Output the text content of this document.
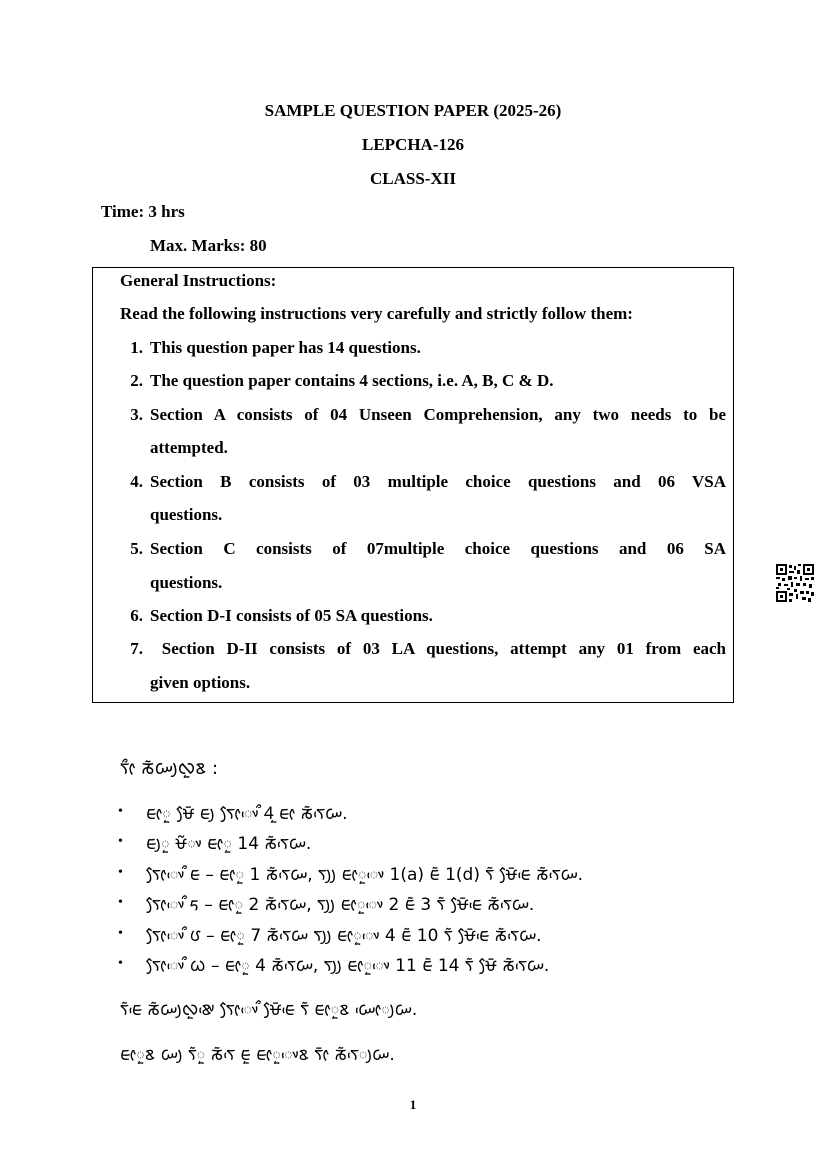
SAMPLE QUESTION PAPER (2025-26)
LEPCHA-126
CLASS-XII
Time: 3 hrs
Max. Marks: 80
General Instructions:
Read the following instructions very carefully and strictly follow them:
1. This question paper has 14 questions.
2. The question paper contains 4 sections, i.e. A, B, C & D.
3. Section A consists of 04 Unseen Comprehension, any two needs to be
attempted.
4. Section B consists of 03 multiple choice questions and 06 VSA
questions.
5. Section C consists of 07multiple choice questions and 06 SA
questions.
6. Section D-I consists of 05 SA questions.
7. Section D-II consists of 03 LA questions, attempt any 01 from each
given options.
ᰛᰦᰰ ᰕᰶᰠᰪᰜᰬᰣ :
• ᰀᰦᰬ ᰝᰧᰳ ᰀᰪ ᰛᰧᰦᰤᰵᰰ 4ᰬ ᰀᰦ ᰕᰶᰛᰵᰠ.
• ᰀᰪᰬ ᰝᰲᰤ ᰀᰦᰬ 14 ᰕᰶᰛᰵᰠ.
• ᰛᰧᰦᰤᰵᰰ ᰀ – ᰀᰦᰬ 1 ᰕᰶᰛᰵᰠ, ᰛᰪᰪ ᰀᰦᰬᰤᰵ 1(a) ᰀᰶ 1(d) ᰛᰶ ᰝᰧᰳᰀᰵ ᰕᰶᰛᰵᰠ.
• ᰛᰧᰦᰤᰵᰰ ᰁ – ᰀᰦᰬ 2 ᰕᰶᰛᰵᰠ, ᰛᰪᰪ ᰀᰦᰬᰤᰵ 2 ᰀᰶ 3 ᰛᰶ ᰝᰧᰳᰀᰵ ᰕᰶᰛᰵᰠ.
• ᰛᰧᰦᰤᰵᰰ ᰂ – ᰀᰦᰬ 7 ᰕᰶᰛᰵᰠ ᰛᰪᰪ ᰀᰦᰬᰤᰵ 4 ᰀᰶ 10 ᰛᰶ ᰝᰧᰳᰀᰵ ᰕᰶᰛᰵᰠ.
• ᰛᰧᰦᰤᰵᰰ ᰃ – ᰀᰦᰬ 4 ᰕᰶᰛᰵᰠ, ᰛᰪᰪ ᰀᰦᰬᰤᰵ 11 ᰀᰶ 14 ᰛᰶ ᰝᰧᰳ ᰕᰶᰛᰵᰠ.
ᰛᰶᰀᰵ ᰕᰶᰠᰪᰜᰬᰣᰤᰵ ᰛᰧᰦᰤᰵᰰ ᰝᰧᰳᰀᰵ ᰛᰶ ᰀᰦᰬᰣ ᰠᰦᰵᰪᰠ.
ᰀᰦᰬᰣ ᰠᰪ ᰛᰶᰬ ᰕᰶᰛᰵ ᰀᰬ ᰀᰦᰬᰤᰵᰣ ᰛᰦᰳ ᰕᰶᰛᰵᰪᰠ.
1
